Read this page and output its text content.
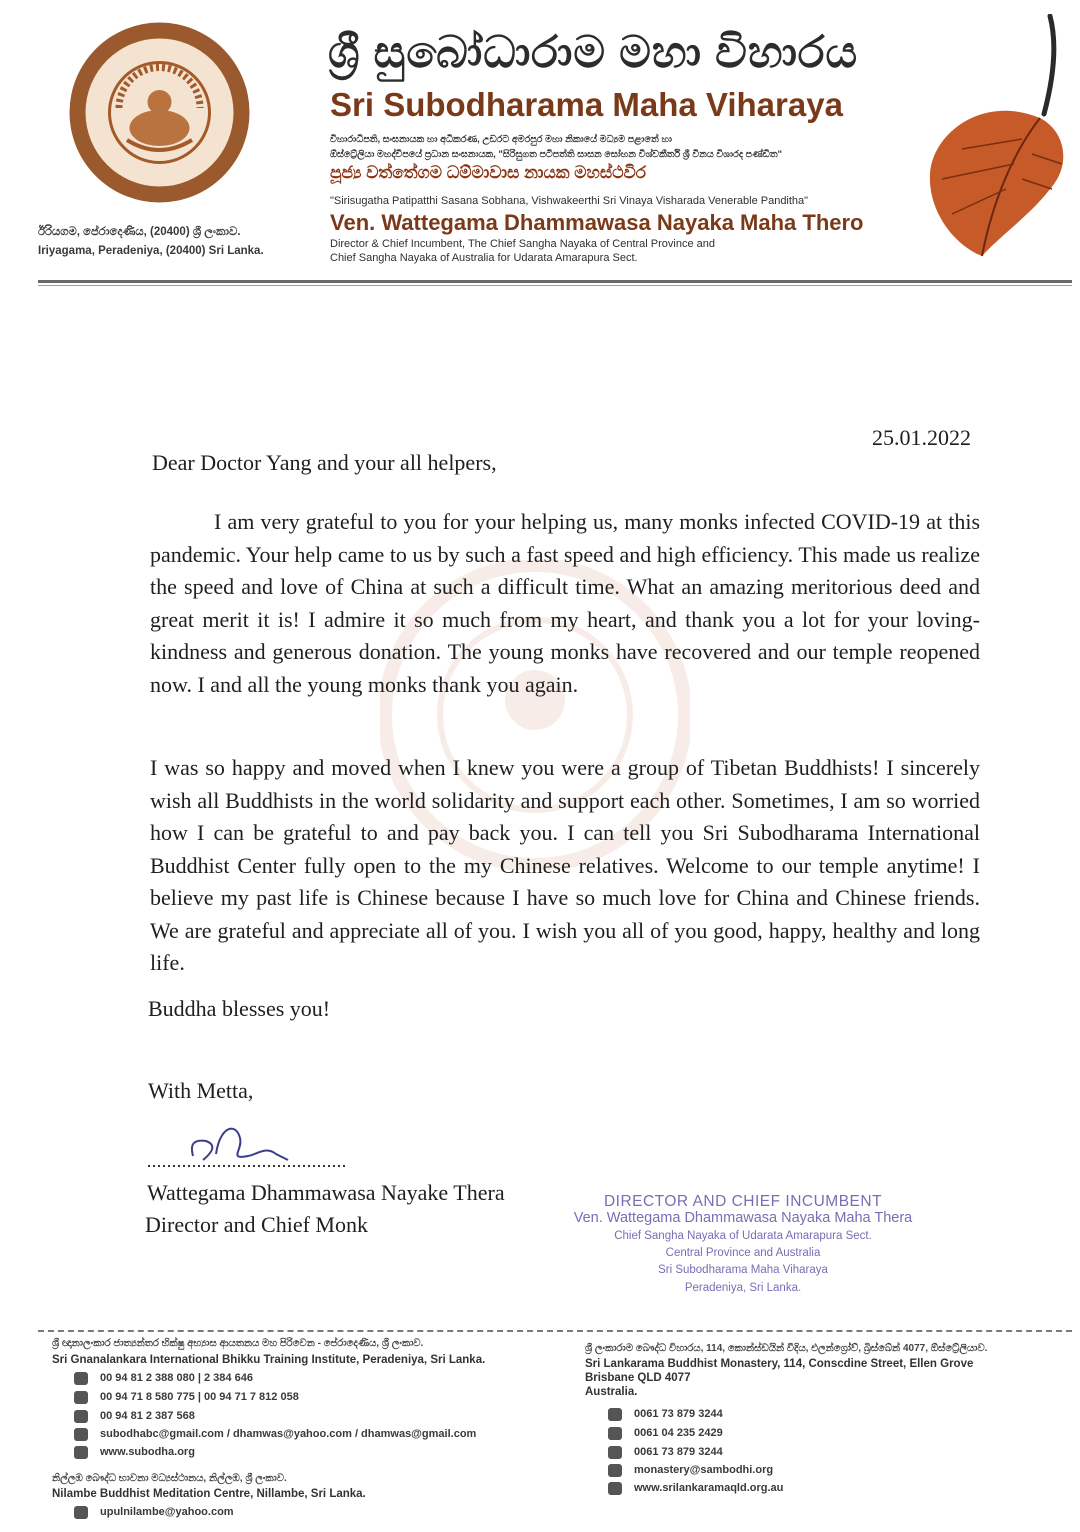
ඊරියගම, පේරාදෙණිය, (20400) ශ්‍රී ලංකාව.
Iriyagama, Peradeniya, (20400) Sri Lanka.
ශ්‍රී සුබෝධාරාම මහා විහාරය
Sri Subodharama Maha Viharaya
විහාරාධිපති, සංඝනායක හා අධිකරණ, උඩරට අමරපුර මහා නිකායේ මධ්‍යම පළාතේ හා
ඕස්ට්‍රේලියා මහද්වීපයේ ප්‍රධාන සංඝනායක, "සිරිසුගත පටිපත්ති සාසන සෝභන විශ්වකීර්ති ශ්‍රී විනය විශාරද පණ්ඩිත"
පූජ්‍ය වත්තේගම ධම්මාවාස නායක මහස්ථවිර
"Sirisugatha Patipatthi Sasana Sobhana, Vishwakeerthi Sri Vinaya Visharada Venerable Panditha"
Ven. Wattegama Dhammawasa Nayaka Maha Thero
Director & Chief Incumbent, The Chief Sangha Nayaka of Central Province and
Chief Sangha Nayaka of Australia for Udarata Amarapura Sect.
25.01.2022
Dear Doctor Yang and your all helpers,
I am very grateful to you for your helping us, many monks infected COVID-19 at this pandemic. Your help came to us by such a fast speed and high efficiency. This made us realize the speed and love of China at such a difficult time. What an amazing meritorious deed and great merit it is! I admire it so much from my heart, and thank you a lot for your loving-kindness and generous donation. The young monks have recovered and our temple reopened now. I and all the young monks thank you again.
I was so happy and moved when I knew you were a group of Tibetan Buddhists! I sincerely wish all Buddhists in the world solidarity and support each other. Sometimes, I am so worried how I can be grateful to and pay back you. I can tell you Sri Subodharama International Buddhist Center fully open to the my Chinese relatives. Welcome to our temple anytime! I believe my past life is Chinese because I have so much love for China and Chinese friends. We are grateful and appreciate all of you. I wish you all of you good, happy, healthy and long life.
Buddha blesses you!
With Metta,
Wattegama Dhammawasa Nayake Thera
Director and Chief Monk
DIRECTOR AND CHIEF INCUMBENT
Ven. Wattegama Dhammawasa Nayaka Maha Thera
Chief Sangha Nayaka of Udarata Amarapura Sect.
Central Province and Australia
Sri Subodharama Maha Viharaya
Peradeniya, Sri Lanka.
ශ්‍රී ඥානාලංකාර ජාත්‍යන්තර භික්ෂු අභ්‍යාස ආයතනය මහ පිරිවෙන - පේරාදෙණිය, ශ්‍රී ලංකාව.
Sri Gnanalankara International Bhikku Training Institute, Peradeniya, Sri Lanka.
00 94 81 2 388 080 | 2 384 646
00 94 71 8 580 775 | 00 94 71 7 812 058
00 94 81 2 387 568
subodhabc@gmail.com / dhamwas@yahoo.com / dhamwas@gmail.com
www.subodha.org
නිල්ලඹ බෞද්ධ භාවනා මධ්‍යස්ථානය, නිල්ලඹ, ශ්‍රී ලංකාව.
Nilambe Buddhist Meditation Centre, Nillambe, Sri Lanka.
upulnilambe@yahoo.com
ශ්‍රී ලංකාරාම බෞද්ධ විහාරය, 114, කොන්ස්ඩයින් වීදිය, එලන්ග්‍රෝව්, බ්‍රිස්බේන් 4077, ඕස්ට්‍රේලියාව.
Sri Lankarama Buddhist Monastery, 114, Conscdine Street, Ellen Grove
Brisbane QLD 4077
Australia.
0061 73 879 3244
0061 04 235 2429
0061 73 879 3244
monastery@sambodhi.org
www.srilankaramaqld.org.au
